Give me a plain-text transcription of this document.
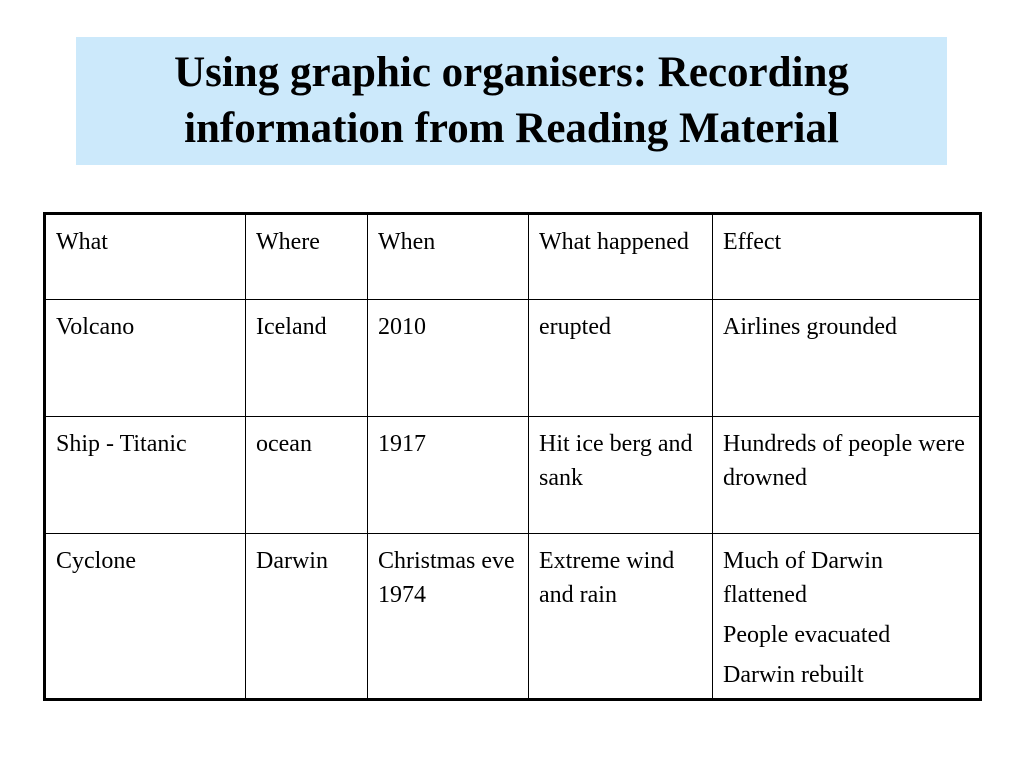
Using graphic organisers: Recording
information from Reading Material
What	Where	When	What happened	Effect
Volcano	Iceland	2010	erupted	Airlines grounded

Ship - Titanic	ocean	1917	Hit ice berg and sank	Hundreds of people were drowned

Cyclone	Darwin	Christmas eve 1974	Extreme wind and rain	Much of Darwin flattened
People evacuated
Darwin rebuilt
